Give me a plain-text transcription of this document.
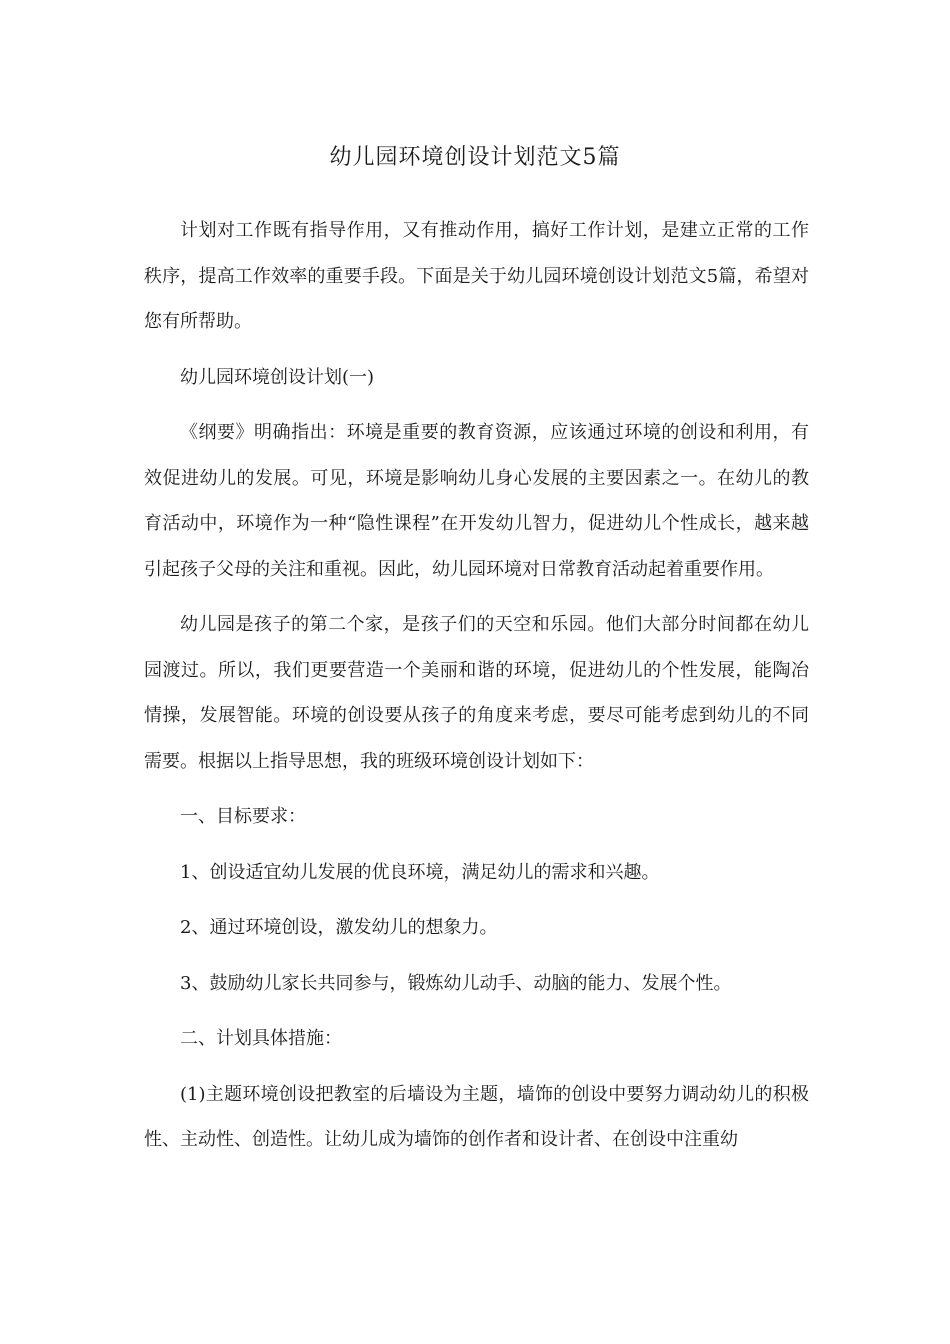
幼儿园环境创设计划范文5篇

计划对工作既有指导作用，又有推动作用，搞好工作计划，是建立正常的工作秩序，提高工作效率的重要手段。下面是关于幼儿园环境创设计划范文5篇，希望对您有所帮助。

幼儿园环境创设计划(一)

《纲要》明确指出：环境是重要的教育资源，应该通过环境的创设和利用，有效促进幼儿的发展。可见，环境是影响幼儿身心发展的主要因素之一。在幼儿的教育活动中，环境作为一种“隐性课程”在开发幼儿智力，促进幼儿个性成长，越来越引起孩子父母的关注和重视。因此，幼儿园环境对日常教育活动起着重要作用。

幼儿园是孩子的第二个家，是孩子们的天空和乐园。他们大部分时间都在幼儿园渡过。所以，我们更要营造一个美丽和谐的环境，促进幼儿的个性发展，能陶冶情操，发展智能。环境的创设要从孩子的角度来考虑，要尽可能考虑到幼儿的不同需要。根据以上指导思想，我的班级环境创设计划如下：

一、目标要求：

1、创设适宜幼儿发展的优良环境，满足幼儿的需求和兴趣。

2、通过环境创设，激发幼儿的想象力。

3、鼓励幼儿家长共同参与，锻炼幼儿动手、动脑的能力、发展个性。

二、计划具体措施：

(1)主题环境创设把教室的后墙设为主题，墙饰的创设中要努力调动幼儿的积极性、主动性、创造性。让幼儿成为墙饰的创作者和设计者、在创设中注重幼
